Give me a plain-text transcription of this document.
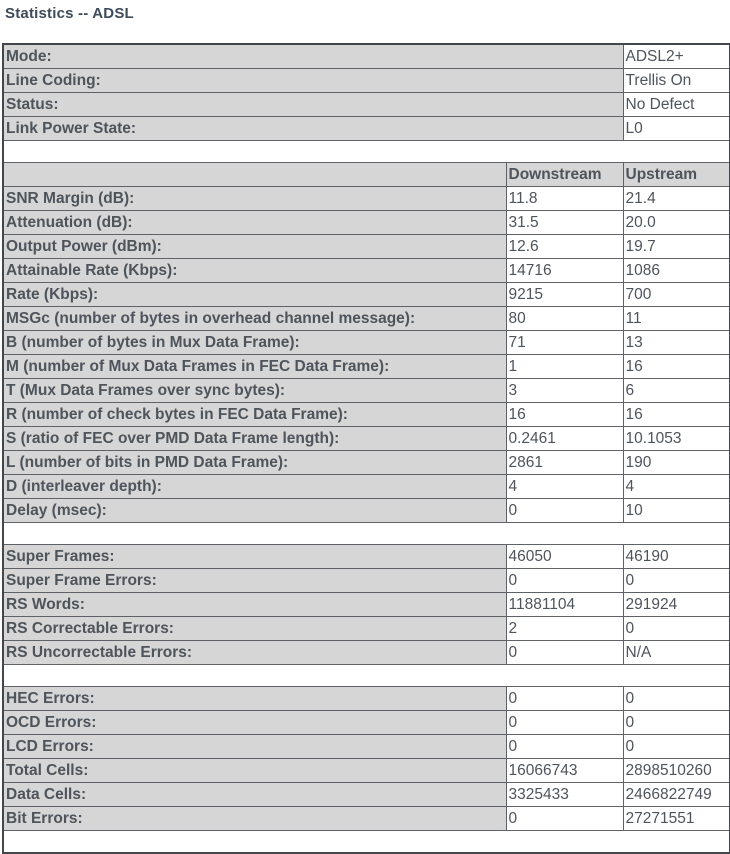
Statistics -- ADSL
Mode:		ADSL2+
Line Coding:		Trellis On
Status:		No Defect
Link Power State:		L0

	Downstream	Upstream
SNR Margin (dB):	11.8	21.4
Attenuation (dB):	31.5	20.0
Output Power (dBm):	12.6	19.7
Attainable Rate (Kbps):	14716	1086
Rate (Kbps):	9215	700
MSGc (number of bytes in overhead channel message):	80	11
B (number of bytes in Mux Data Frame):	71	13
M (number of Mux Data Frames in FEC Data Frame):	1	16
T (Mux Data Frames over sync bytes):	3	6
R (number of check bytes in FEC Data Frame):	16	16
S (ratio of FEC over PMD Data Frame length):	0.2461	10.1053
L (number of bits in PMD Data Frame):	2861	190
D (interleaver depth):	4	4
Delay (msec):	0	10

Super Frames:	46050	46190
Super Frame Errors:	0	0
RS Words:	11881104	291924
RS Correctable Errors:	2	0
RS Uncorrectable Errors:	0	N/A

HEC Errors:	0	0
OCD Errors:	0	0
LCD Errors:	0	0
Total Cells:	16066743	2898510260
Data Cells:	3325433	2466822749
Bit Errors:	0	27271551
